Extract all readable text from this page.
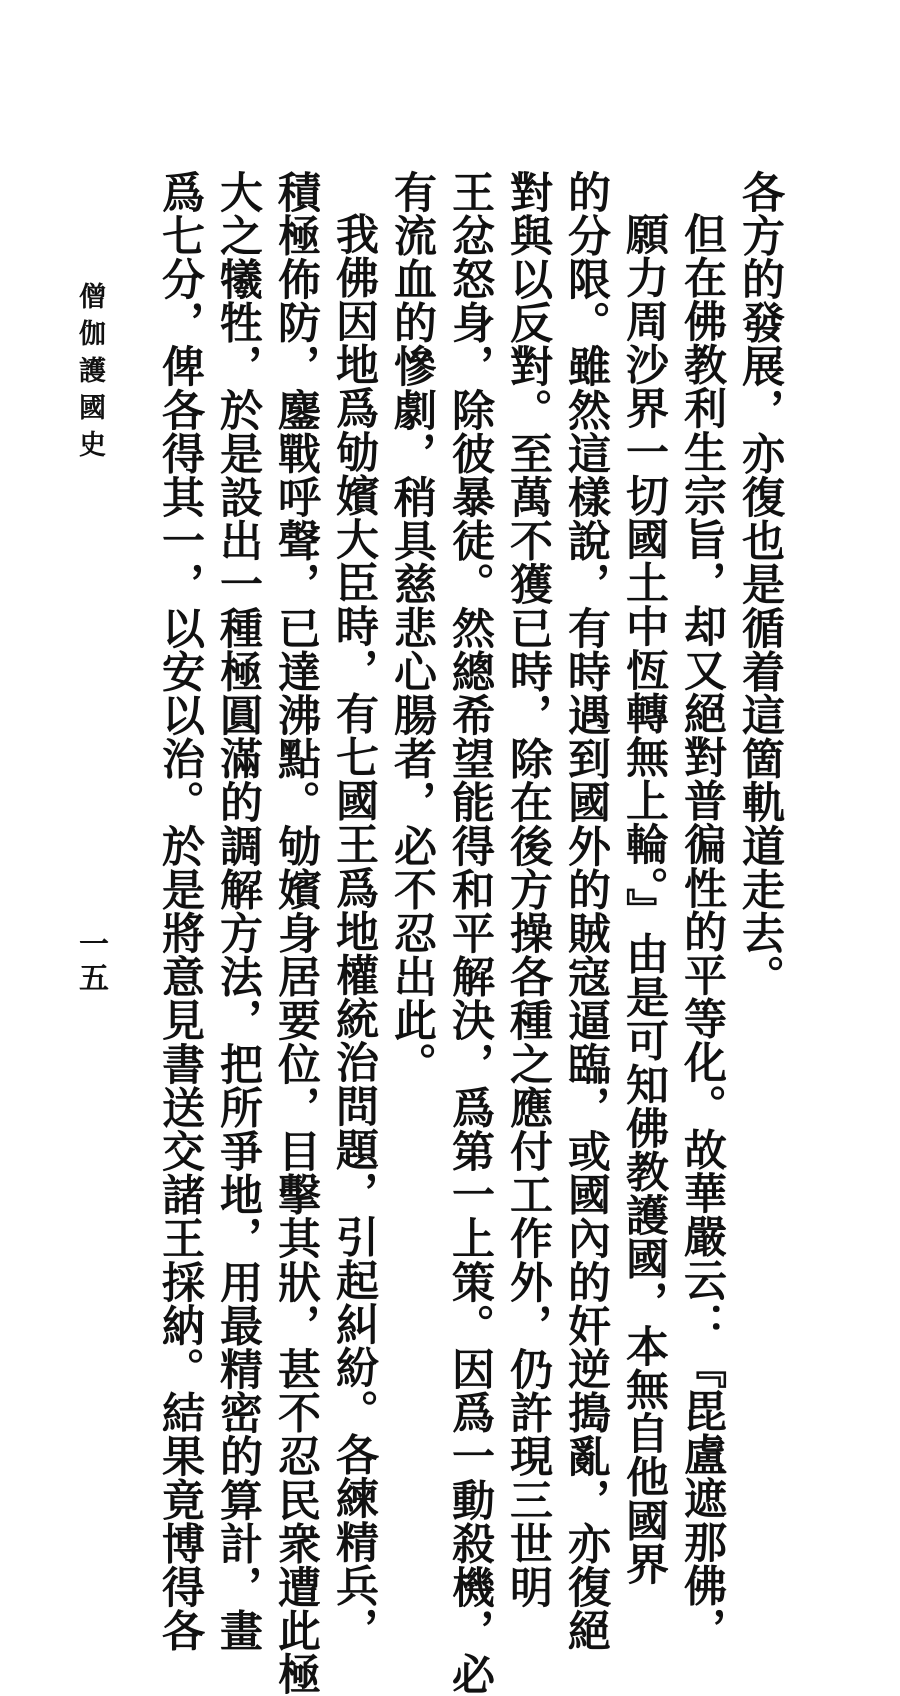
各方的發展，亦復也是循着這箇軌道走去。
但在佛教利生宗旨，却又絕對普徧性的平等化。故華嚴云：『毘盧遮那佛，
願力周沙界一切國土中恆轉無上輪。』由是可知佛教護國，本無自他國界
的分限。雖然這樣說，有時遇到國外的賊寇逼臨，或國內的奸逆搗亂，亦復絕
對與以反對。至萬不獲已時，除在後方操各種之應付工作外，仍許現三世明
王忿怒身，除彼暴徒。然總希望能得和平解決，爲第一上策。因爲一動殺機，必
有流血的慘劇，稍具慈悲心腸者，必不忍出此。
我佛因地爲劬嬪大臣時，有七國王爲地權統治問題，引起糾紛。各練精兵，
積極佈防，鏖戰呼聲，已達沸點。劬嬪身居要位，目擊其狀，甚不忍民衆遭此極
大之犧牲，於是設出一種極圓滿的調解方法，把所爭地，用最精密的算計，畫
爲七分，俾各得其一，以安以治。於是將意見書送交諸王採納。結果竟博得各
僧伽護國史
一五
